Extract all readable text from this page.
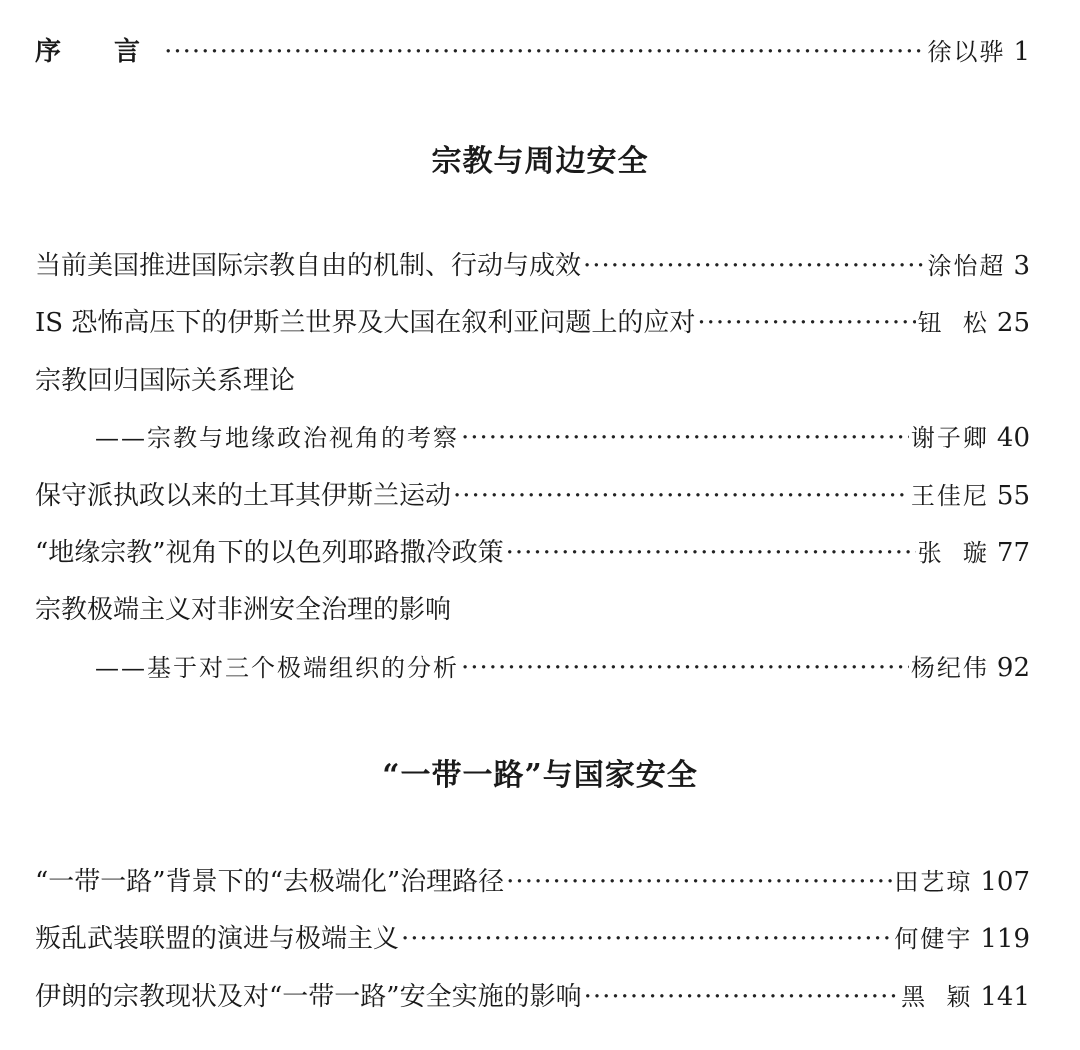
序 言 ·····	徐以骅 1
宗教与周边安全
当前美国推进国际宗教自由的机制、行动与成效 ·····	涂怡超 3
IS 恐怖高压下的伊斯兰世界及大国在叙利亚问题上的应对 ·····	钮  松 25
宗教回归国际关系理论
——宗教与地缘政治视角的考察 ·····	谢子卿 40
保守派执政以来的土耳其伊斯兰运动 ·····	王佳尼 55
“地缘宗教”视角下的以色列耶路撒冷政策 ·····	张  璇 77
宗教极端主义对非洲安全治理的影响
——基于对三个极端组织的分析 ·····	杨纪伟 92
“一带一路”与国家安全
“一带一路”背景下的“去极端化”治理路径 ·····	田艺琼 107
叛乱武装联盟的演进与极端主义 ·····	何健宇 119
伊朗的宗教现状及对“一带一路”安全实施的影响 ·····	黑  颖 141
